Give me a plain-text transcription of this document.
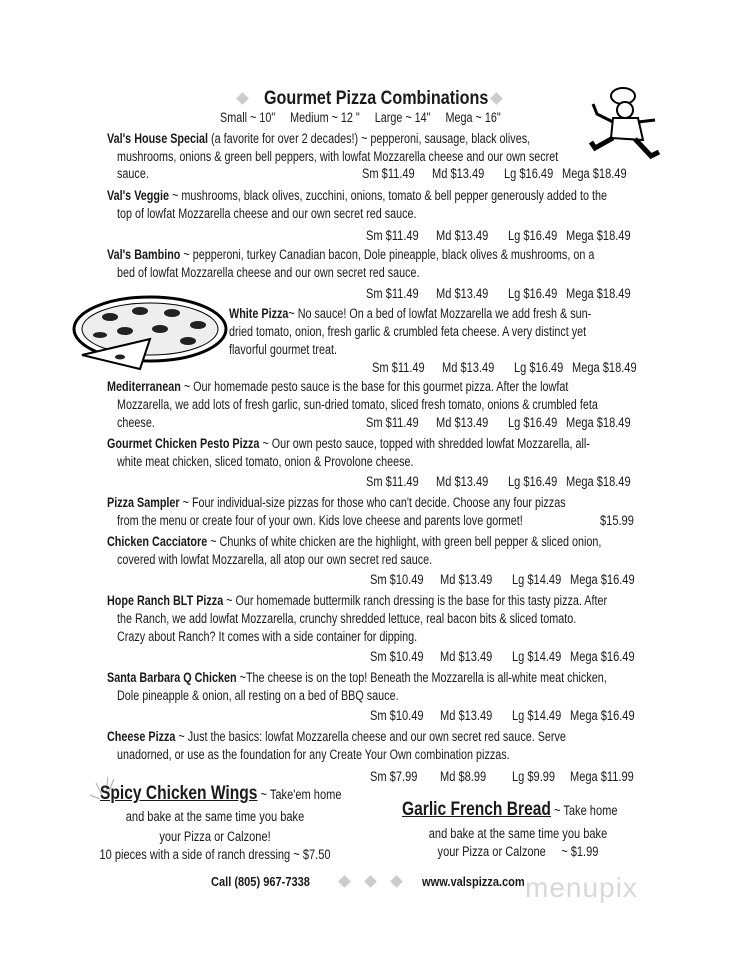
Gourmet Pizza Combinations
Small ~ 10"     Medium ~ 12 "     Large ~ 14"     Mega ~ 16"
Val's House Special (a favorite for over 2 decades!) ~ pepperoni, sausage, black olives,
mushrooms, onions & green bell peppers, with lowfat Mozzarella cheese and our own secret
sauce.
Val's Veggie ~ mushrooms, black olives, zucchini, onions, tomato & bell pepper generously added to the
top of lowfat Mozzarella cheese and our own secret red sauce.
Val's Bambino ~ pepperoni, turkey Canadian bacon, Dole pineapple, black olives & mushrooms, on a
bed of lowfat Mozzarella cheese and our own secret red sauce.
White Pizza~ No sauce! On a bed of lowfat Mozzarella we add fresh & sun-
dried tomato, onion, fresh garlic & crumbled feta cheese. A very distinct yet
flavorful gourmet treat.
Mediterranean ~ Our homemade pesto sauce is the base for this gourmet pizza. After the lowfat
Mozzarella, we add lots of fresh garlic, sun-dried tomato, sliced fresh tomato, onions & crumbled feta
cheese.
Gourmet Chicken Pesto Pizza ~ Our own pesto sauce, topped with shredded lowfat Mozzarella, all-
white meat chicken, sliced tomato, onion & Provolone cheese.
Pizza Sampler ~ Four individual-size pizzas for those who can't decide. Choose any four pizzas
from the menu or create four of your own. Kids love cheese and parents love gormet!	$15.99
Chicken Cacciatore ~ Chunks of white chicken are the highlight, with green bell pepper & sliced onion,
covered with lowfat Mozzarella, all atop our own secret red sauce.
Hope Ranch BLT Pizza ~ Our homemade buttermilk ranch dressing is the base for this tasty pizza. After
the Ranch, we add lowfat Mozzarella, crunchy shredded lettuce, real bacon bits & sliced tomato.
Crazy about Ranch? It comes with a side container for dipping.
Santa Barbara Q Chicken ~The cheese is on the top! Beneath the Mozzarella is all-white meat chicken,
Dole pineapple & onion, all resting on a bed of BBQ sauce.
Cheese Pizza ~ Just the basics: lowfat Mozzarella cheese and our own secret red sauce. Serve
unadorned, or use as the foundation for any Create Your Own combination pizzas.
Sm $11.49 Md $13.49 Lg $16.49 Mega $18.49
Sm $11.49 Md $13.49 Lg $16.49 Mega $18.49
Sm $11.49 Md $13.49 Lg $16.49 Mega $18.49
Sm $11.49 Md $13.49 Lg $16.49 Mega $18.49
Sm $11.49 Md $13.49 Lg $16.49 Mega $18.49
Sm $11.49 Md $13.49 Lg $16.49 Mega $18.49
Sm $10.49 Md $13.49 Lg $14.49 Mega $16.49
Sm $10.49 Md $13.49 Lg $14.49 Mega $16.49
Sm $10.49 Md $13.49 Lg $14.49 Mega $16.49
Sm $7.99 Md $8.99 Lg $9.99 Mega $11.99
Spicy Chicken Wings ~ Take'em home
and bake at the same time you bake
your Pizza or Calzone!
10 pieces with a side of ranch dressing ~ $7.50
Garlic French Bread ~ Take home
and bake at the same time you bake
your Pizza or Calzone     ~ $1.99
Call (805) 967-7338	www.valspizza.com menupix
